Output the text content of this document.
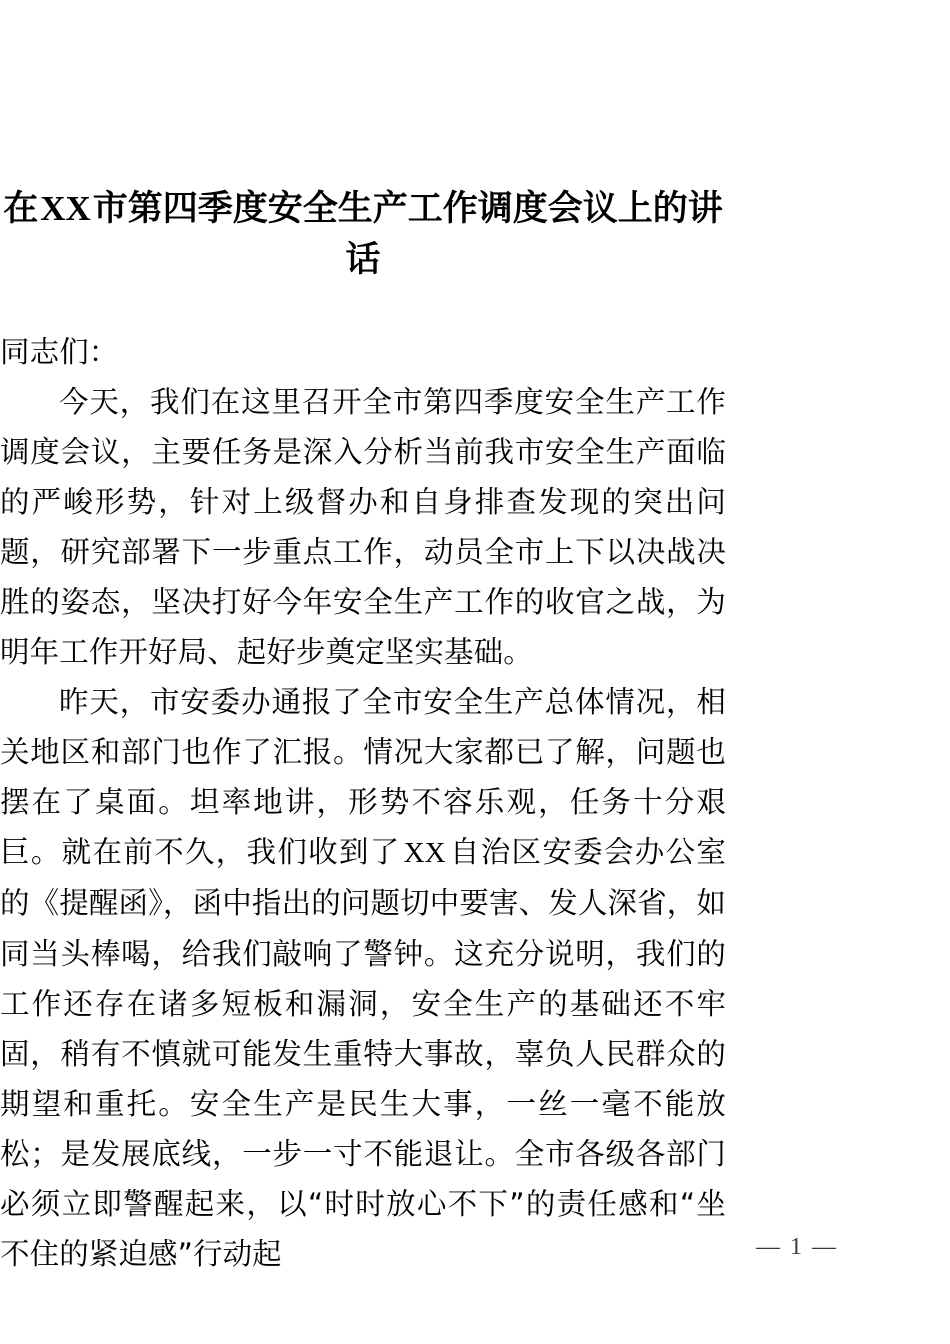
在XX市第四季度安全生产工作调度会议上的讲话

同志们：

今天，我们在这里召开全市第四季度安全生产工作调度会议，主要任务是深入分析当前我市安全生产面临的严峻形势，针对上级督办和自身排查发现的突出问题，研究部署下一步重点工作，动员全市上下以决战决胜的姿态，坚决打好今年安全生产工作的收官之战，为明年工作开好局、起好步奠定坚实基础。

昨天，市安委办通报了全市安全生产总体情况，相关地区和部门也作了汇报。情况大家都已了解，问题也摆在了桌面。坦率地讲，形势不容乐观，任务十分艰巨。就在前不久，我们收到了 XX 自治区安委会办公室的《提醒函》，函中指出的问题切中要害、发人深省，如同当头棒喝，给我们敲响了警钟。这充分说明，我们的工作还存在诸多短板和漏洞，安全生产的基础还不牢固，稍有不慎就可能发生重特大事故，辜负人民群众的期望和重托。安全生产是民生大事，一丝一毫不能放松；是发展底线，一步一寸不能退让。全市各级各部门必须立即警醒起来，以“时时放心不下”的责任感和“坐不住的紧迫感”行动起	— 1 —
